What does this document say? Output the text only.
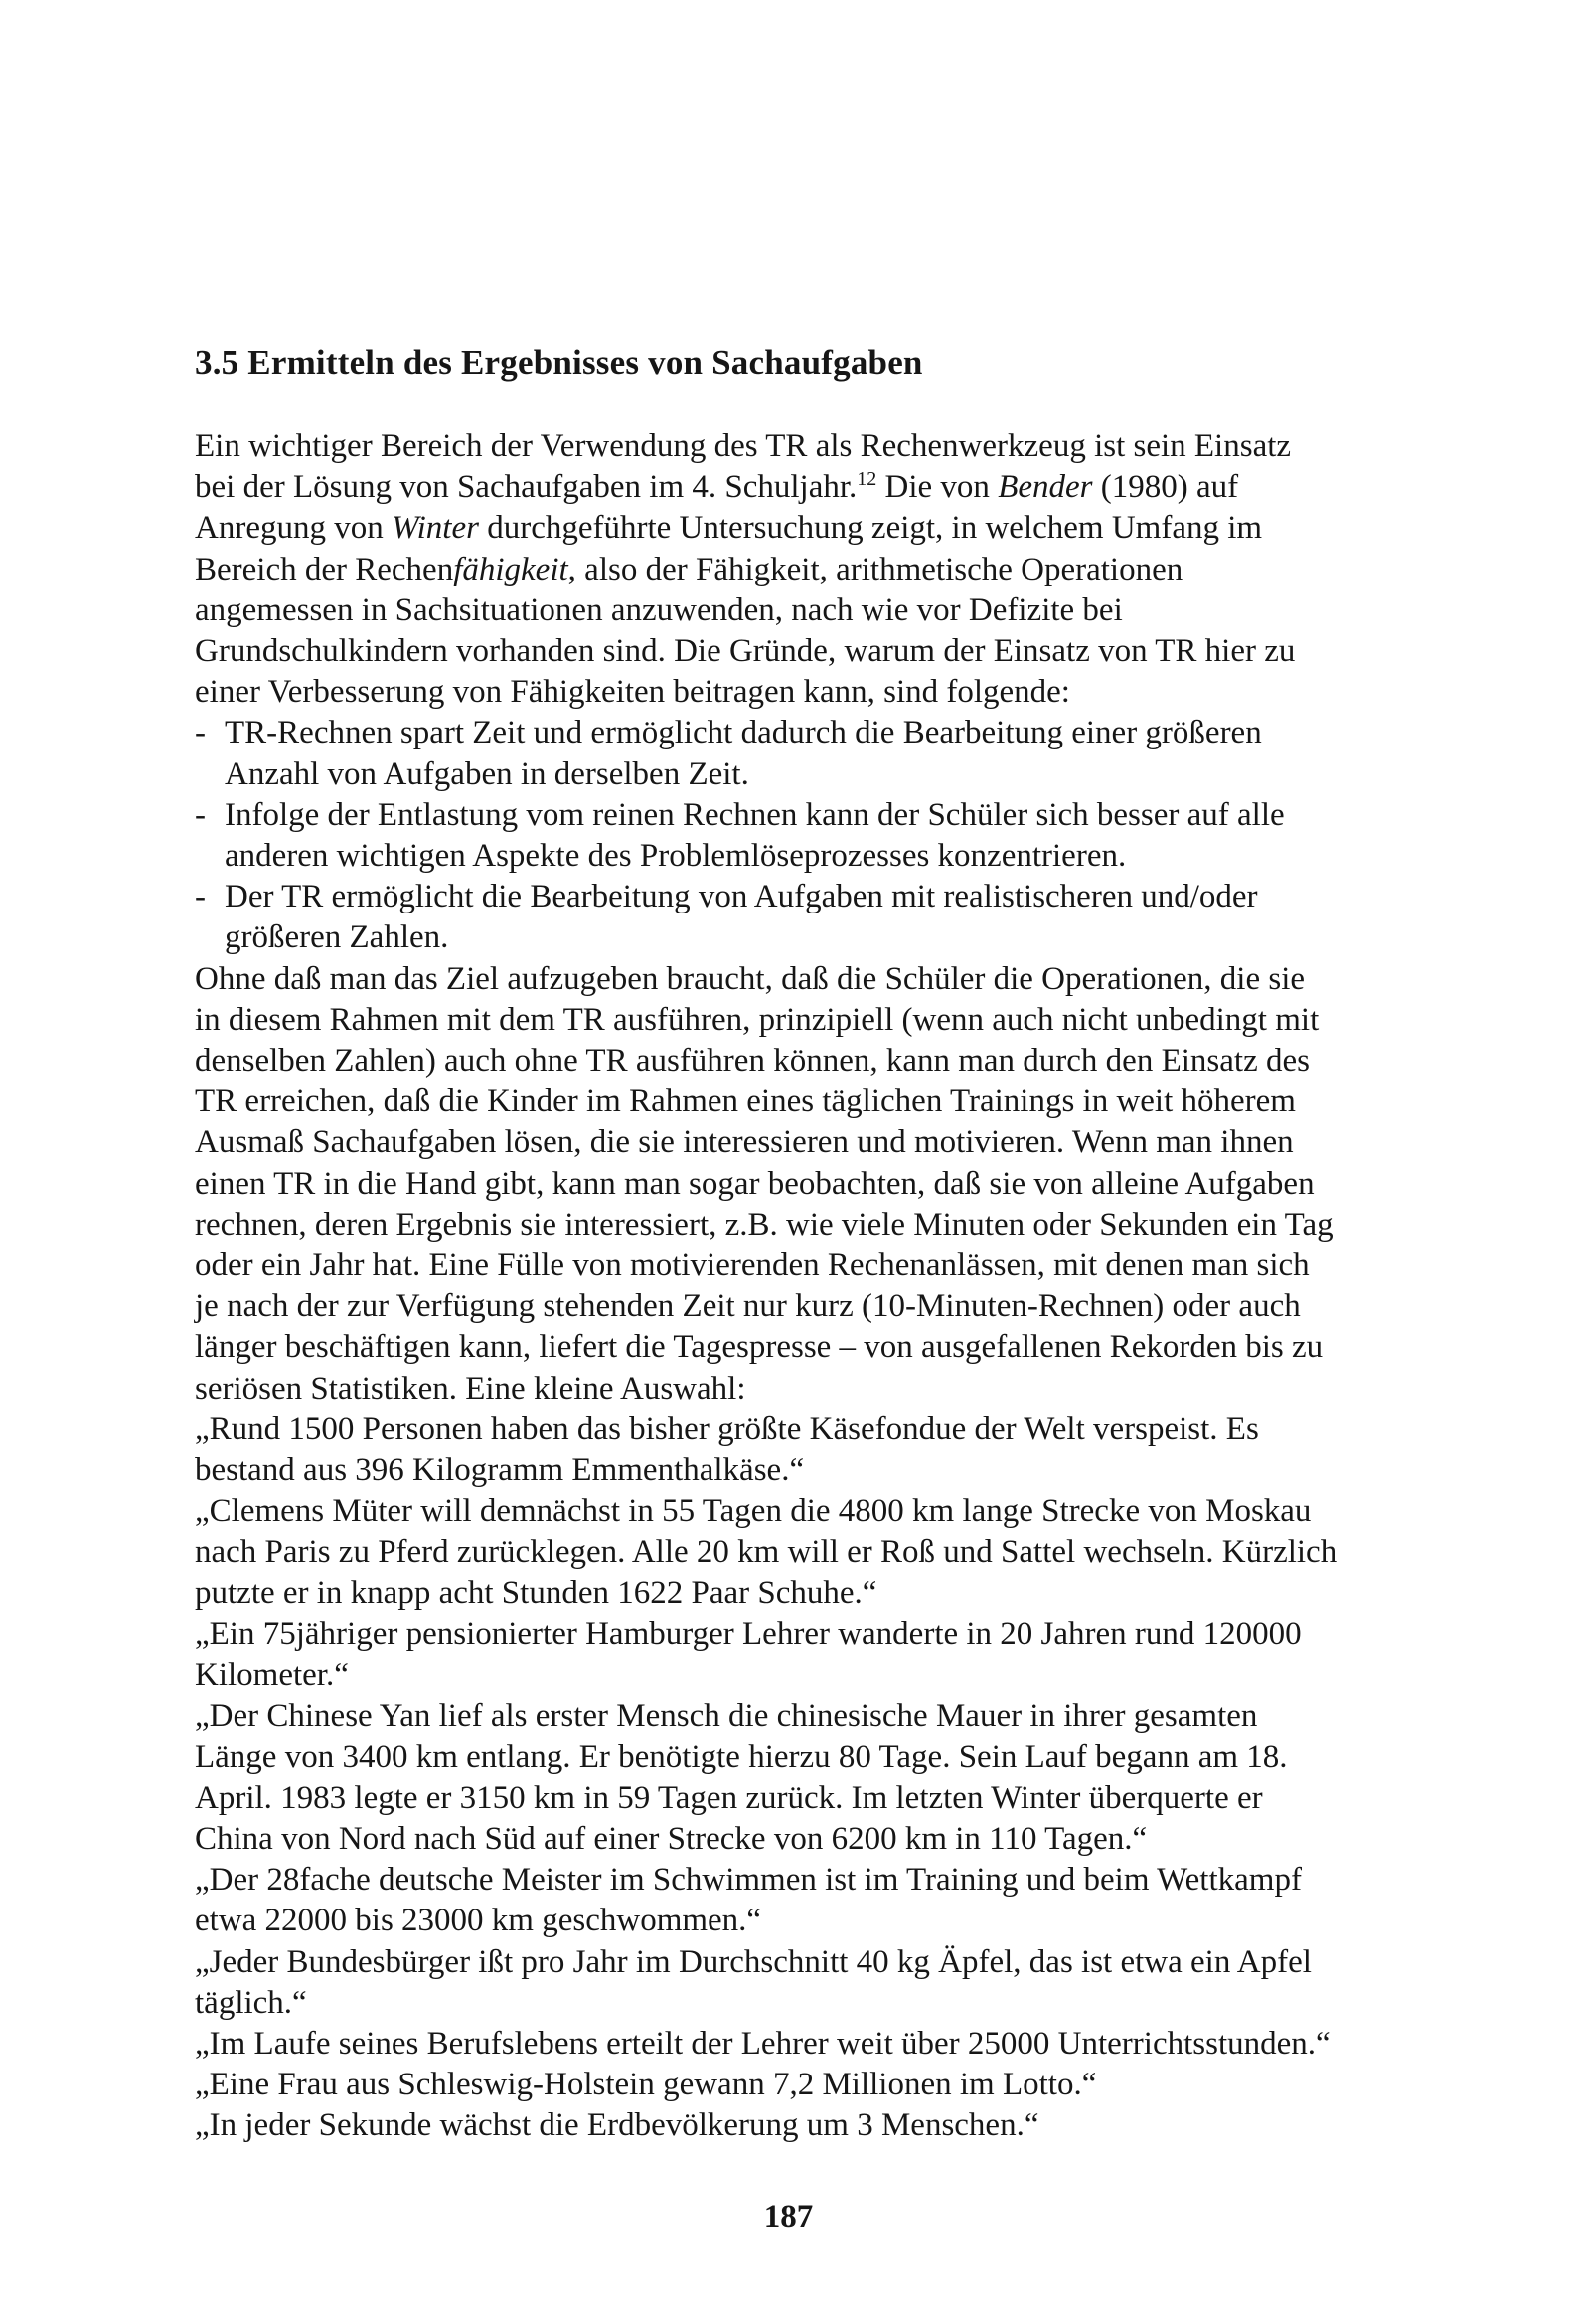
3.5 Ermitteln des Ergebnisses von Sachaufgaben

Ein wichtiger Bereich der Verwendung des TR als Rechenwerkzeug ist sein Einsatz bei der Lösung von Sachaufgaben im 4. Schuljahr.$^{12}$ Die von Bender (1980) auf Anregung von Winter durchgeführte Untersuchung zeigt, in welchem Umfang im Bereich der Rechenfähigkeit, also der Fähigkeit, arithmetische Operationen angemessen in Sachsituationen anzuwenden, nach wie vor Defizite bei Grundschulkindern vorhanden sind. Die Gründe, warum der Einsatz von TR hier zu einer Verbesserung von Fähigkeiten beitragen kann, sind folgende:

- TR-Rechnen spart Zeit und ermöglicht dadurch die Bearbeitung einer größeren Anzahl von Aufgaben in derselben Zeit.
- Infolge der Entlastung vom reinen Rechnen kann der Schüler sich besser auf alle anderen wichtigen Aspekte des Problemlöseprozesses konzentrieren.
- Der TR ermöglicht die Bearbeitung von Aufgaben mit realistischeren und/oder größeren Zahlen.

Ohne daß man das Ziel aufzugeben braucht, daß die Schüler die Operationen, die sie in diesem Rahmen mit dem TR ausführen, prinzipiell (wenn auch nicht unbedingt mit denselben Zahlen) auch ohne TR ausführen können, kann man durch den Einsatz des TR erreichen, daß die Kinder im Rahmen eines täglichen Trainings in weit höherem Ausmaß Sachaufgaben lösen, die sie interessieren und motivieren. Wenn man ihnen einen TR in die Hand gibt, kann man sogar beobachten, daß sie von alleine Aufgaben rechnen, deren Ergebnis sie interessiert, z.B. wie viele Minuten oder Sekunden ein Tag oder ein Jahr hat. Eine Fülle von motivierenden Rechenanlässen, mit denen man sich je nach der zur Verfügung stehenden Zeit nur kurz (10-Minuten-Rechnen) oder auch länger beschäftigen kann, liefert die Tagespresse – von ausgefallenen Rekorden bis zu seriösen Statistiken. Eine kleine Auswahl:

„Rund 1500 Personen haben das bisher größte Käsefondue der Welt verspeist. Es bestand aus 396 Kilogramm Emmenthalkäse.“

„Clemens Müter will demnächst in 55 Tagen die 4800 km lange Strecke von Moskau nach Paris zu Pferd zurücklegen. Alle 20 km will er Roß und Sattel wechseln. Kürzlich putzte er in knapp acht Stunden 1622 Paar Schuhe.“

„Ein 75jähriger pensionierter Hamburger Lehrer wanderte in 20 Jahren rund 120000 Kilometer.“

„Der Chinese Yan lief als erster Mensch die chinesische Mauer in ihrer gesamten Länge von 3400 km entlang. Er benötigte hierzu 80 Tage. Sein Lauf begann am 18. April. 1983 legte er 3150 km in 59 Tagen zurück. Im letzten Winter überquerte er China von Nord nach Süd auf einer Strecke von 6200 km in 110 Tagen.“

„Der 28fache deutsche Meister im Schwimmen ist im Training und beim Wettkampf etwa 22000 bis 23000 km geschwommen.“

„Jeder Bundesbürger ißt pro Jahr im Durchschnitt 40 kg Äpfel, das ist etwa ein Apfel täglich.“

„Im Laufe seines Berufslebens erteilt der Lehrer weit über 25000 Unterrichtsstunden.“

„Eine Frau aus Schleswig-Holstein gewann 7,2 Millionen im Lotto.“

„In jeder Sekunde wächst die Erdbevölkerung um 3 Menschen.“

187
